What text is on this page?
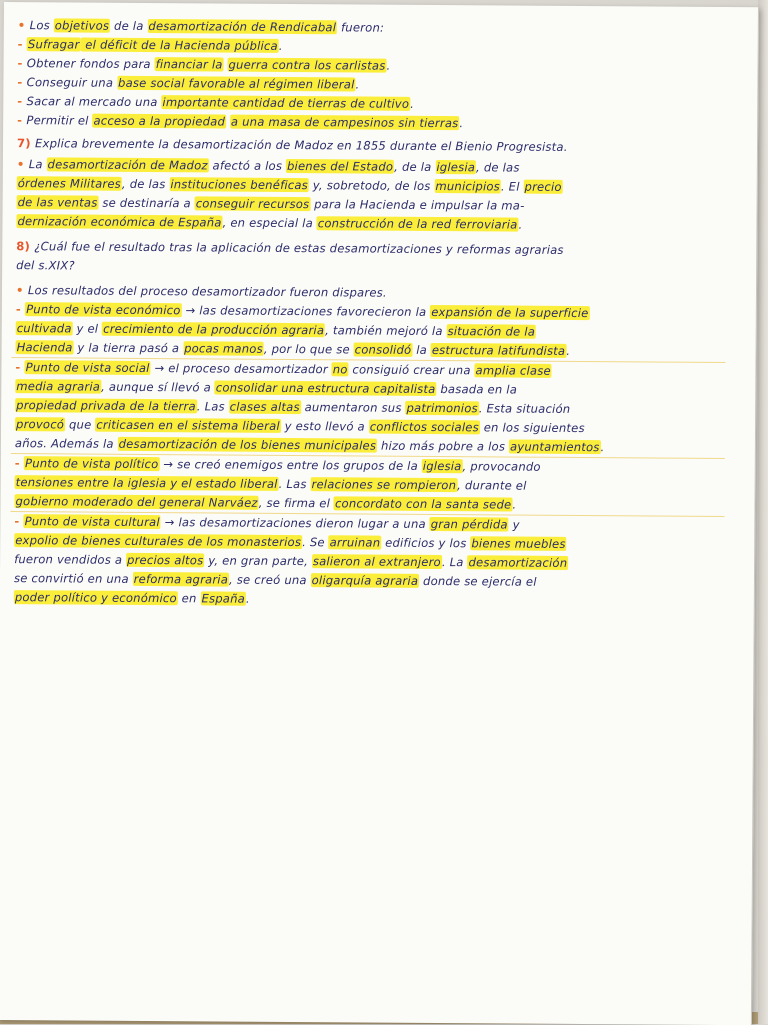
• Los objetivos de la desamortización de Rendicabal fueron:
- Sufragar el déficit de la Hacienda pública.
- Obtener fondos para financiar la guerra contra los carlistas.
- Conseguir una base social favorable al régimen liberal.
- Sacar al mercado una importante cantidad de tierras de cultivo.
- Permitir el acceso a la propiedad a una masa de campesinos sin tierras.
7) Explica brevemente la desamortización de Madoz en 1855 durante el Bienio Progresista.
• La desamortización de Madoz afectó a los bienes del Estado, de la iglesia, de las
órdenes Militares, de las instituciones benéficas y, sobretodo, de los municipios. El precio
de las ventas se destinaría a conseguir recursos para la Hacienda e impulsar la ma-
dernización económica de España, en especial la construcción de la red ferroviaria.
8) ¿Cuál fue el resultado tras la aplicación de estas desamortizaciones y reformas agrarias
del s.XIX?
• Los resultados del proceso desamortizador fueron dispares.
- Punto de vista económico → las desamortizaciones favorecieron la expansión de la superficie
cultivada y el crecimiento de la producción agraria, también mejoró la situación de la
Hacienda y la tierra pasó a pocas manos, por lo que se consolidó la estructura latifundista.
- Punto de vista social → el proceso desamortizador no consiguió crear una amplia clase
media agraria, aunque sí llevó a consolidar una estructura capitalista basada en la
propiedad privada de la tierra. Las clases altas aumentaron sus patrimonios. Esta situación
provocó que criticasen en el sistema liberal y esto llevó a conflictos sociales en los siguientes
años. Además la desamortización de los bienes municipales hizo más pobre a los ayuntamientos.
- Punto de vista político → se creó enemigos entre los grupos de la iglesia, provocando
tensiones entre la iglesia y el estado liberal. Las relaciones se rompieron, durante el
gobierno moderado del general Narváez, se firma el concordato con la santa sede.
- Punto de vista cultural → las desamortizaciones dieron lugar a una gran pérdida y
expolio de bienes culturales de los monasterios. Se arruinan edificios y los bienes muebles
fueron vendidos a precios altos y, en gran parte, salieron al extranjero. La desamortización
se convirtió en una reforma agraria, se creó una oligarquía agraria donde se ejercía el
poder político y económico en España.
